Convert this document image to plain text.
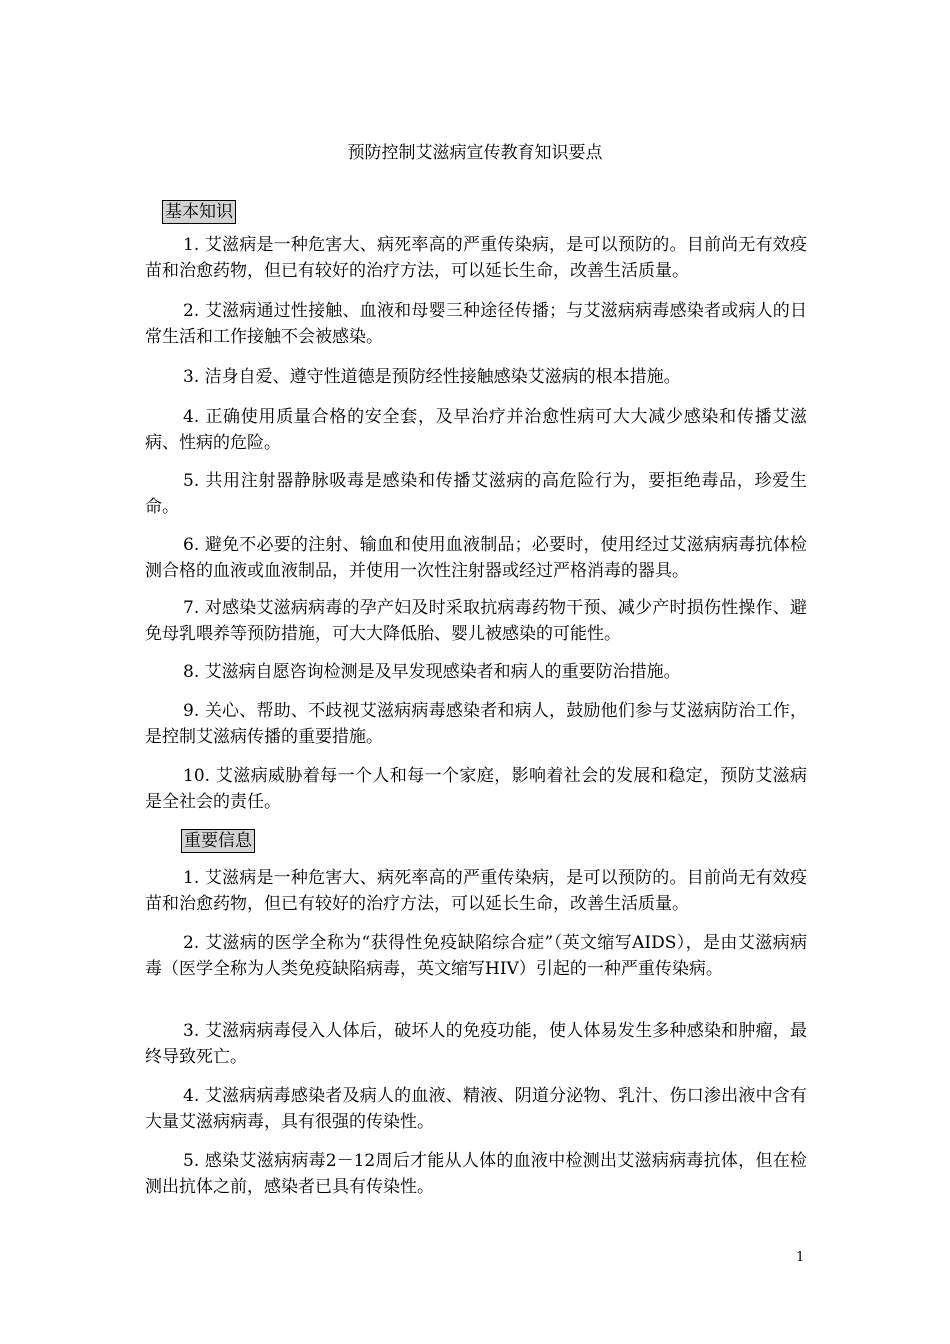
预防控制艾滋病宣传教育知识要点
基本知识

1. 艾滋病是一种危害大、病死率高的严重传染病，是可以预防的。目前尚无有效疫苗和治愈药物，但已有较好的治疗方法，可以延长生命，改善生活质量。

2. 艾滋病通过性接触、血液和母婴三种途径传播；与艾滋病病毒感染者或病人的日常生活和工作接触不会被感染。

3. 洁身自爱、遵守性道德是预防经性接触感染艾滋病的根本措施。

4. 正确使用质量合格的安全套，及早治疗并治愈性病可大大减少感染和传播艾滋病、性病的危险。

5. 共用注射器静脉吸毒是感染和传播艾滋病的高危险行为，要拒绝毒品，珍爱生命。

6. 避免不必要的注射、输血和使用血液制品；必要时，使用经过艾滋病病毒抗体检测合格的血液或血液制品，并使用一次性注射器或经过严格消毒的器具。

7. 对感染艾滋病病毒的孕产妇及时采取抗病毒药物干预、减少产时损伤性操作、避免母乳喂养等预防措施，可大大降低胎、婴儿被感染的可能性。

8. 艾滋病自愿咨询检测是及早发现感染者和病人的重要防治措施。

9. 关心、帮助、不歧视艾滋病病毒感染者和病人，鼓励他们参与艾滋病防治工作，是控制艾滋病传播的重要措施。

10. 艾滋病威胁着每一个人和每一个家庭，影响着社会的发展和稳定，预防艾滋病是全社会的责任。

重要信息

1. 艾滋病是一种危害大、病死率高的严重传染病，是可以预防的。目前尚无有效疫苗和治愈药物，但已有较好的治疗方法，可以延长生命，改善生活质量。

2. 艾滋病的医学全称为“获得性免疫缺陷综合症”（英文缩写AIDS），是由艾滋病病毒（医学全称为人类免疫缺陷病毒，英文缩写HIV）引起的一种严重传染病。

3. 艾滋病病毒侵入人体后，破坏人的免疫功能，使人体易发生多种感染和肿瘤，最终导致死亡。

4. 艾滋病病毒感染者及病人的血液、精液、阴道分泌物、乳汁、伤口渗出液中含有大量艾滋病病毒，具有很强的传染性。

5. 感染艾滋病病毒2－12周后才能从人体的血液中检测出艾滋病病毒抗体，但在检测出抗体之前，感染者已具有传染性。

1
